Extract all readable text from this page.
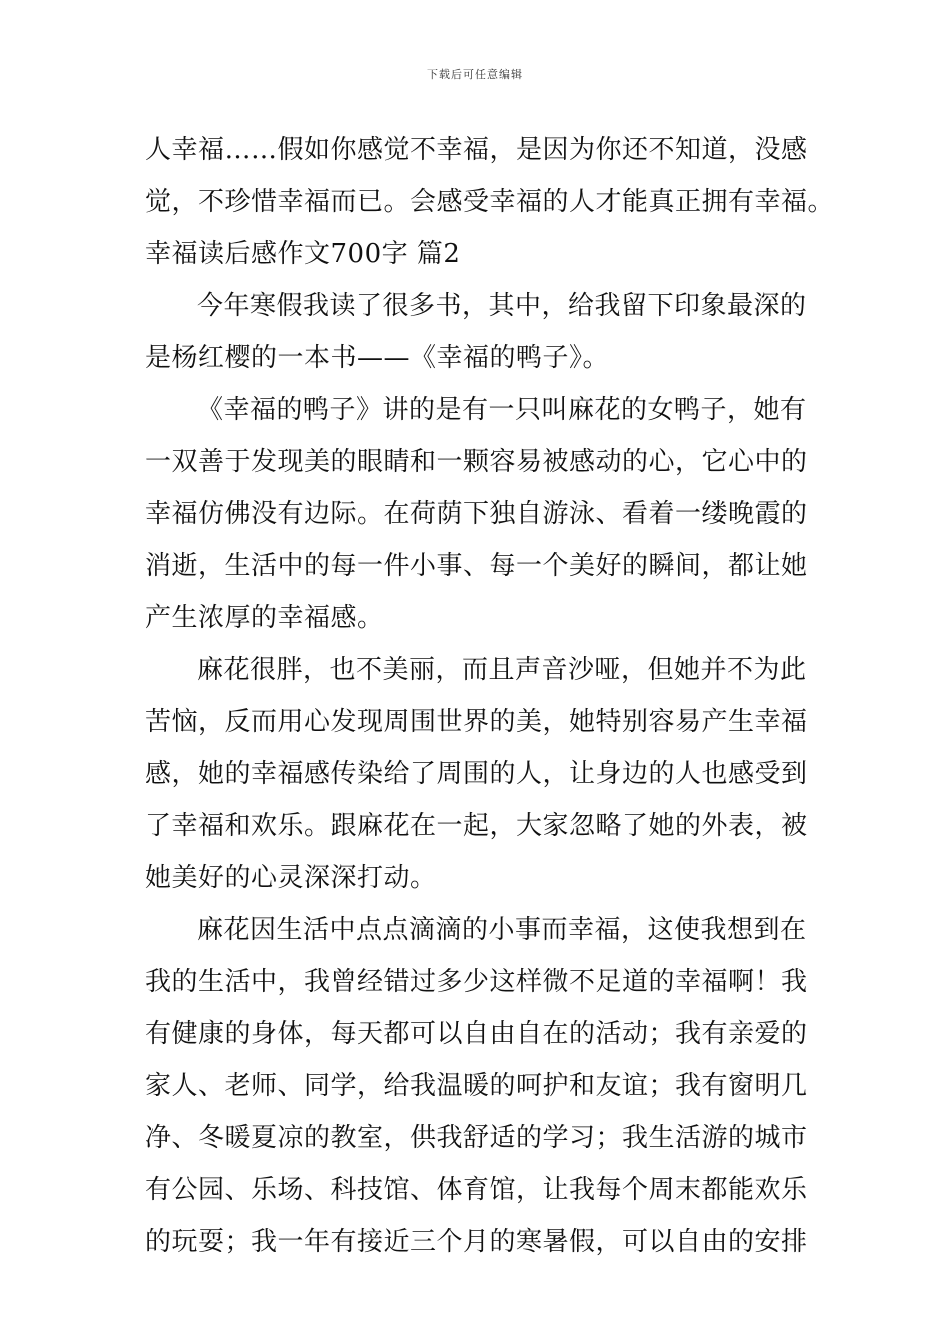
下载后可任意编辑
人幸福……假如你感觉不幸福，是因为你还不知道，没感
觉，不珍惜幸福而已。会感受幸福的人才能真正拥有幸福。
幸福读后感作文700字 篇2
今年寒假我读了很多书，其中，给我留下印象最深的
是杨红樱的一本书——《幸福的鸭子》。
《幸福的鸭子》讲的是有一只叫麻花的女鸭子，她有
一双善于发现美的眼睛和一颗容易被感动的心，它心中的
幸福仿佛没有边际。在荷荫下独自游泳、看着一缕晚霞的
消逝，生活中的每一件小事、每一个美好的瞬间，都让她
产生浓厚的幸福感。
麻花很胖，也不美丽，而且声音沙哑，但她并不为此
苦恼，反而用心发现周围世界的美，她特别容易产生幸福
感，她的幸福感传染给了周围的人，让身边的人也感受到
了幸福和欢乐。跟麻花在一起，大家忽略了她的外表，被
她美好的心灵深深打动。
麻花因生活中点点滴滴的小事而幸福，这使我想到在
我的生活中，我曾经错过多少这样微不足道的幸福啊！我
有健康的身体，每天都可以自由自在的活动；我有亲爱的
家人、老师、同学，给我温暖的呵护和友谊；我有窗明几
净、冬暖夏凉的教室，供我舒适的学习；我生活游的城市
有公园、乐场、科技馆、体育馆，让我每个周末都能欢乐
的玩耍；我一年有接近三个月的寒暑假，可以自由的安排
